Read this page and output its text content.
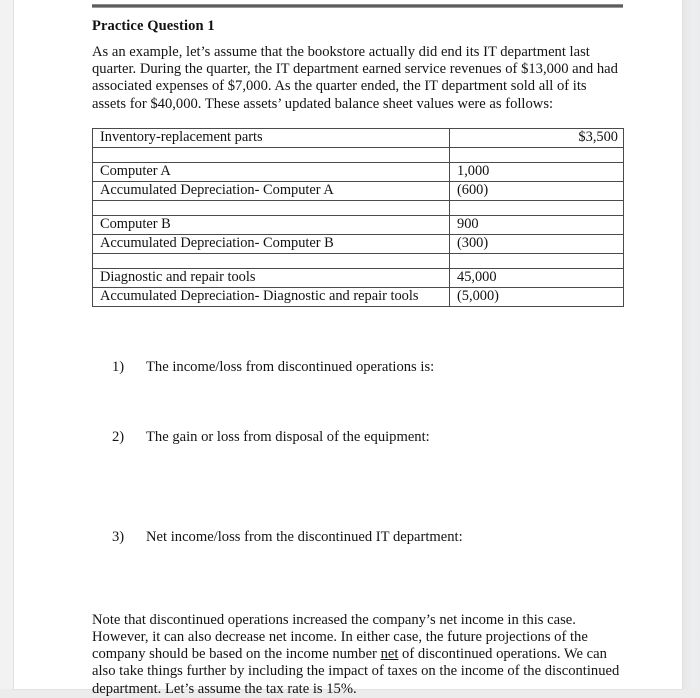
Practice Question 1

As an example, let’s assume that the bookstore actually did end its IT department last quarter. During the quarter, the IT department earned service revenues of $13,000 and had associated expenses of $7,000. As the quarter ended, the IT department sold all of its assets for $40,000. These assets’ updated balance sheet values were as follows:

Inventory-replacement parts	$3,500

Computer A	1,000
Accumulated Depreciation- Computer A	(600)

Computer B	900
Accumulated Depreciation- Computer B	(300)

Diagnostic and repair tools	45,000
Accumulated Depreciation- Diagnostic and repair tools	(5,000)
1)	The income/loss from discontinued operations is:
2)	The gain or loss from disposal of the equipment:
3)	Net income/loss from the discontinued IT department:

Note that discontinued operations increased the company’s net income in this case. However, it can also decrease net income. In either case, the future projections of the company should be based on the income number net of discontinued operations. We can also take things further by including the impact of taxes on the income of the discontinued department. Let’s assume the tax rate is 15%.
